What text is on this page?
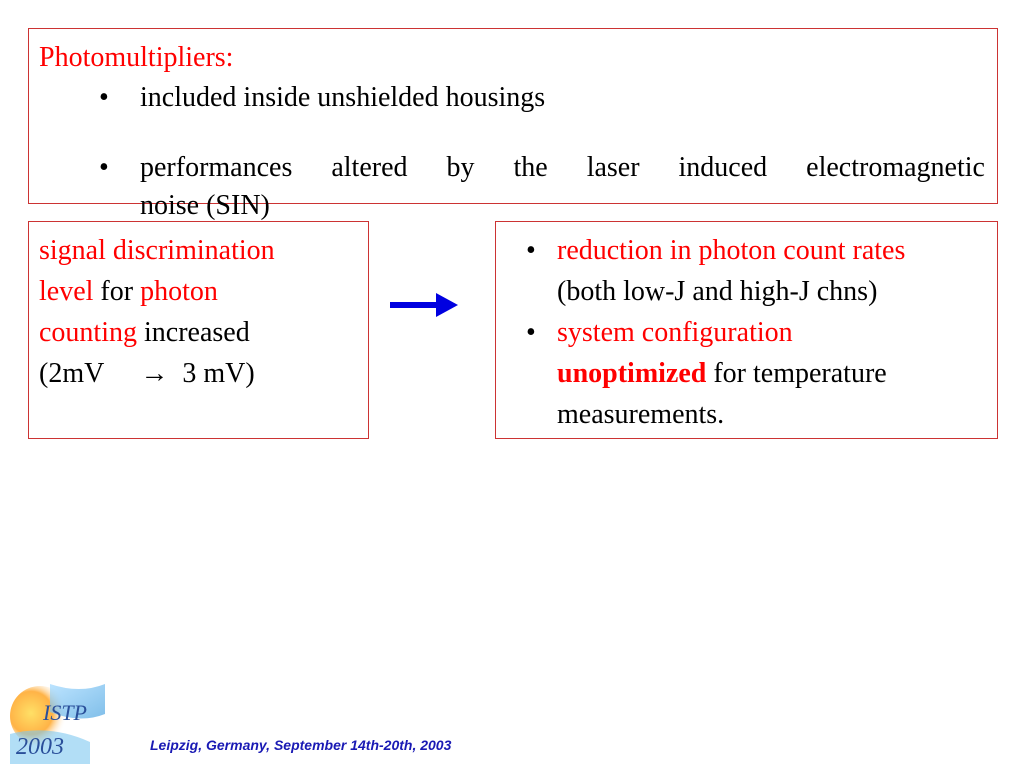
Photomultipliers:
• included inside unshielded housings
• performances altered by the laser induced electromagnetic
noise (SIN)
signal discrimination
level for photon
counting increased
(2mV → 3 mV)
• reduction in photon count rates
(both low-J and high-J chns)
• system configuration
unoptimized for temperature
measurements.
ISTP
2003	Leipzig, Germany, September 14th-20th, 2003
